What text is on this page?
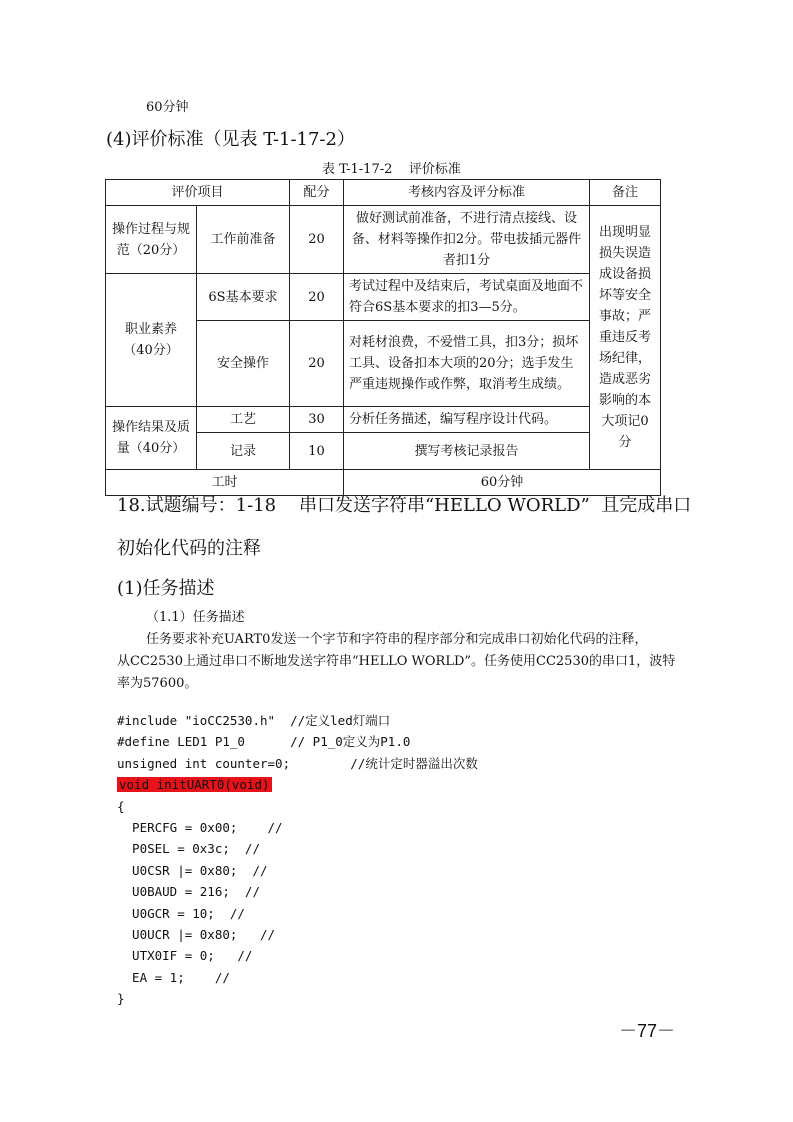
60分钟
(4)评价标准（见表 T-1-17-2）
表 T-1-17-2    评价标准
评价项目		配分	考核内容及评分标准	备注
操作过程与规范（20分）	工作前准备	20	做好测试前准备，不进行清点接线、设备、材料等操作扣2分。带电拔插元器件者扣1分	出现明显损失误造成设备损坏等安全事故；严重违反考场纪律，造成恶劣影响的本大项记0分
职业素养（40分）	6S基本要求	20	考试过程中及结束后，考试桌面及地面不符合6S基本要求的扣3—5分。	
	安全操作	20	对耗材浪费，不爱惜工具，扣3分；损坏工具、设备扣本大项的20分；选手发生严重违规操作或作弊，取消考生成绩。	
操作结果及质量（40分）	工艺	30	分析任务描述，编写程序设计代码。	
	记录	10	撰写考核记录报告	
工时			60分钟	
18.试题编号：1-18    串口发送字符串“HELLO WORLD”  且完成串口
初始化代码的注释
(1)任务描述
（1.1）任务描述
任务要求补充UART0发送一个字节和字符串的程序部分和完成串口初始化代码的注释，
从CC2530上通过串口不断地发送字符串“HELLO WORLD”。任务使用CC2530的串口1，波特
率为57600。
#include "ioCC2530.h"  //定义led灯端口
#define LED1 P1_0      // P1_0定义为P1.0
unsigned int counter=0;        //统计定时器溢出次数
void initUART0(void)
{
PERCFG = 0x00;    //
P0SEL = 0x3c;  //
U0CSR |= 0x80;  //
U0BAUD = 216;  //
U0GCR = 10;  //
U0UCR |= 0x80;   //
UTX0IF = 0;   //
EA = 1;    //
}
－77－
